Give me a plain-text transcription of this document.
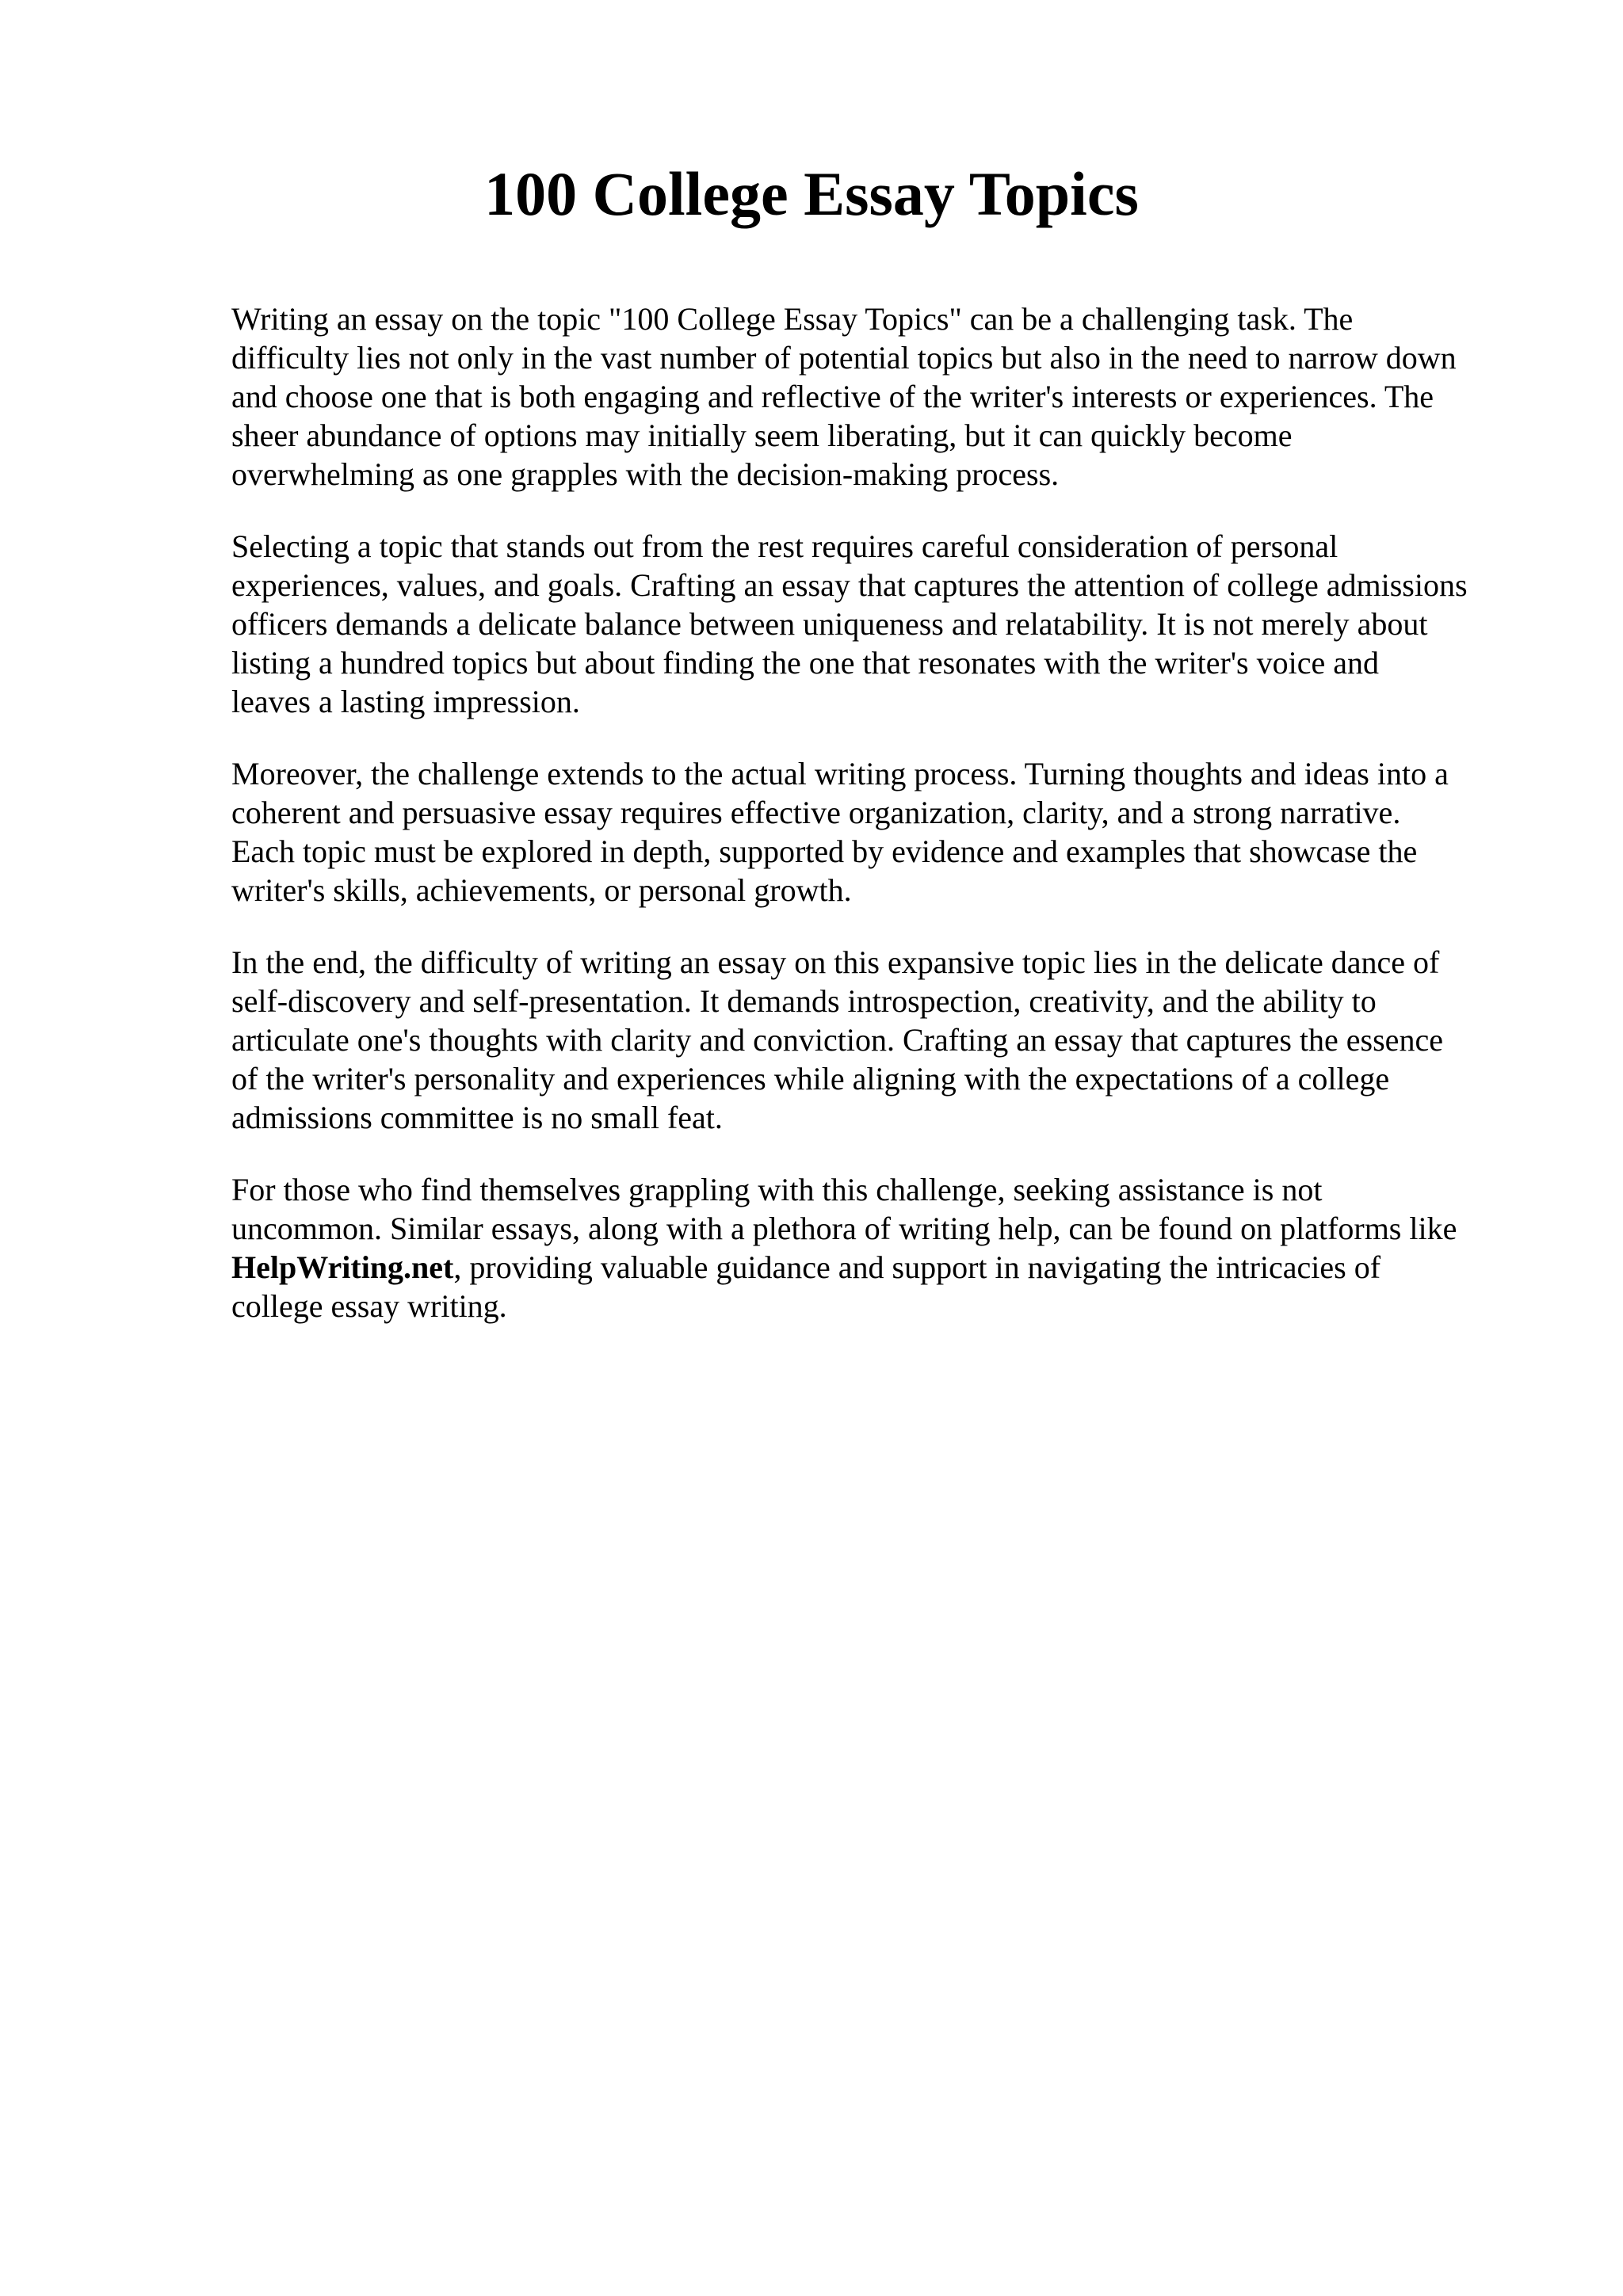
100 College Essay Topics

Writing an essay on the topic "100 College Essay Topics" can be a challenging task. The
difficulty lies not only in the vast number of potential topics but also in the need to narrow down
and choose one that is both engaging and reflective of the writer's interests or experiences. The
sheer abundance of options may initially seem liberating, but it can quickly become
overwhelming as one grapples with the decision-making process.

Selecting a topic that stands out from the rest requires careful consideration of personal
experiences, values, and goals. Crafting an essay that captures the attention of college admissions
officers demands a delicate balance between uniqueness and relatability. It is not merely about
listing a hundred topics but about finding the one that resonates with the writer's voice and
leaves a lasting impression.

Moreover, the challenge extends to the actual writing process. Turning thoughts and ideas into a
coherent and persuasive essay requires effective organization, clarity, and a strong narrative.
Each topic must be explored in depth, supported by evidence and examples that showcase the
writer's skills, achievements, or personal growth.

In the end, the difficulty of writing an essay on this expansive topic lies in the delicate dance of
self-discovery and self-presentation. It demands introspection, creativity, and the ability to
articulate one's thoughts with clarity and conviction. Crafting an essay that captures the essence
of the writer's personality and experiences while aligning with the expectations of a college
admissions committee is no small feat.

For those who find themselves grappling with this challenge, seeking assistance is not
uncommon. Similar essays, along with a plethora of writing help, can be found on platforms like
HelpWriting.net, providing valuable guidance and support in navigating the intricacies of
college essay writing.
